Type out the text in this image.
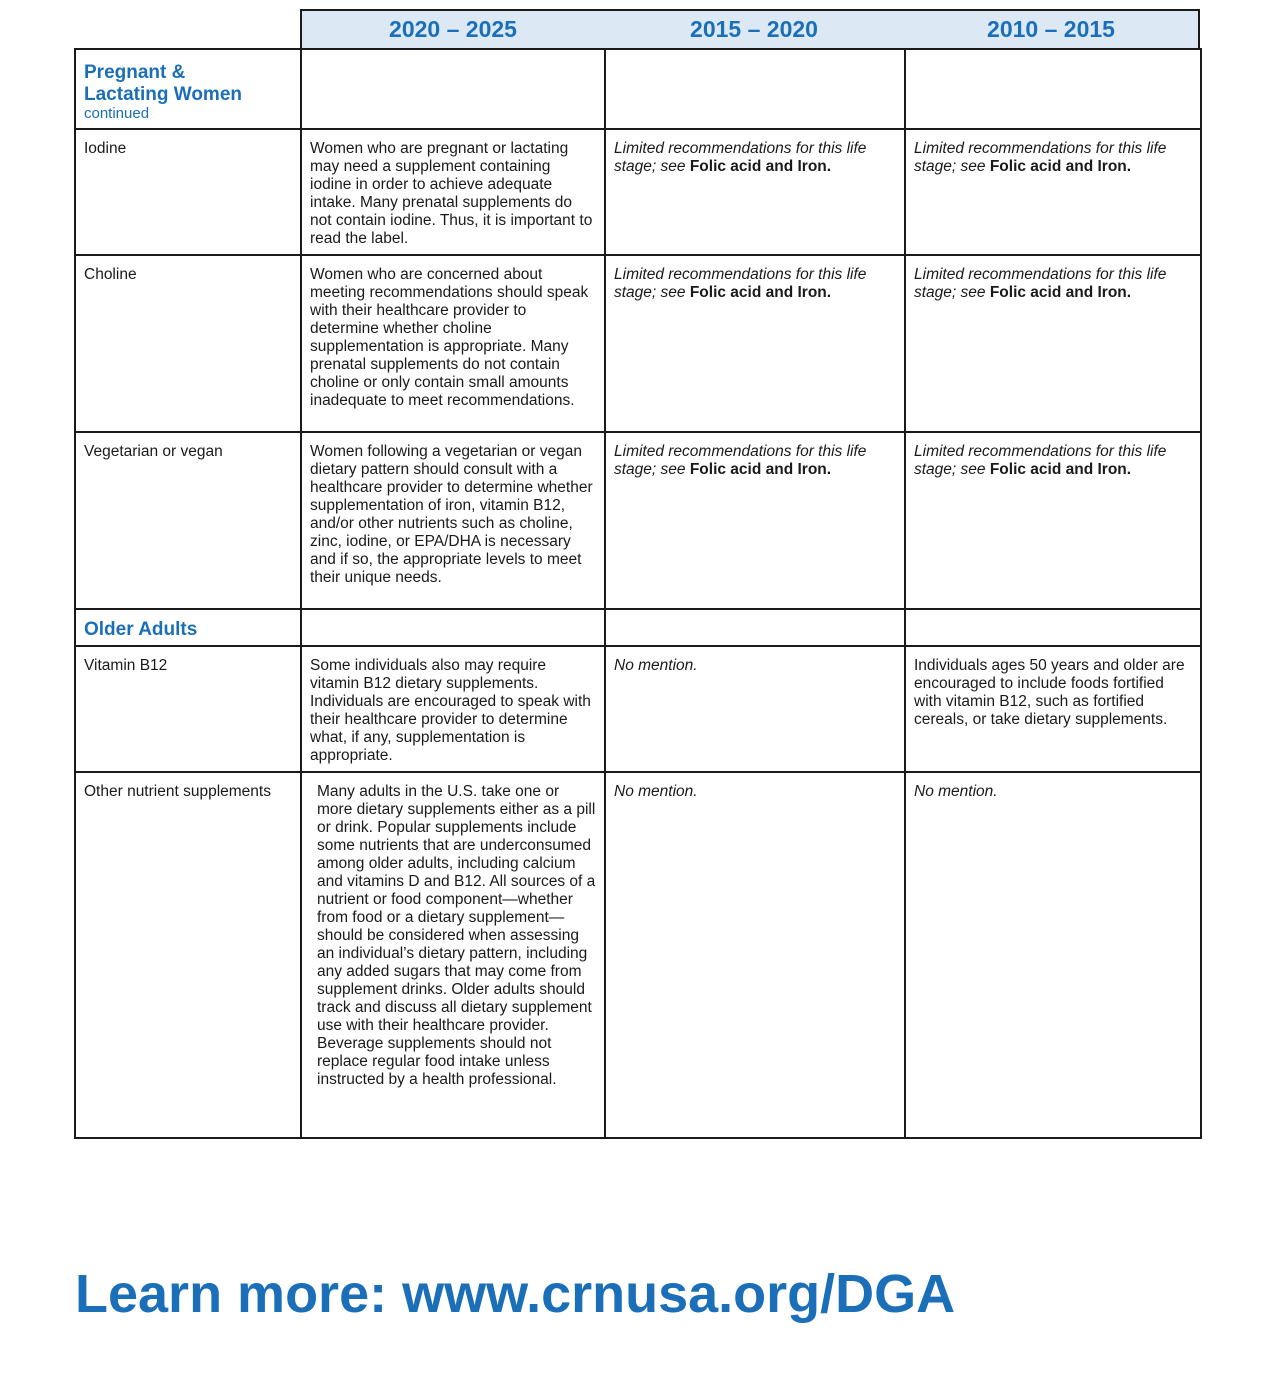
2020 – 2025	2015 – 2020	2010 – 2015
Pregnant &
Lactating Women
continued			

Iodine	Women who are pregnant or lactating may need a supplement containing iodine in order to achieve adequate intake. Many prenatal supplements do not contain iodine. Thus, it is important to read the label.	Limited recommendations for this life stage; see Folic acid and Iron.	Limited recommendations for this life stage; see Folic acid and Iron.
Choline	Women who are concerned about meeting recommendations should speak with their healthcare provider to determine whether choline supplementation is appropriate. Many prenatal supplements do not contain choline or only contain small amounts inadequate to meet recommendations.	Limited recommendations for this life stage; see Folic acid and Iron.	Limited recommendations for this life stage; see Folic acid and Iron.
Vegetarian or vegan	Women following a vegetarian or vegan dietary pattern should consult with a healthcare provider to determine whether supplementation of iron, vitamin B12, and/or other nutrients such as choline, zinc, iodine, or EPA/DHA is necessary and if so, the appropriate levels to meet their unique needs.	Limited recommendations for this life stage; see Folic acid and Iron.	Limited recommendations for this life stage; see Folic acid and Iron.

Older Adults			

Vitamin B12	Some individuals also may require vitamin B12 dietary supplements. Individuals are encouraged to speak with their healthcare provider to determine what, if any, supplementation is appropriate.	No mention.	Individuals ages 50 years and older are encouraged to include foods fortified with vitamin B12, such as fortified cereals, or take dietary supplements.
Other nutrient supplements	Many adults in the U.S. take one or more dietary supplements either as a pill or drink. Popular supplements include some nutrients that are underconsumed among older adults, including calcium and vitamins D and B12. All sources of a nutrient or food component—whether from food or a dietary supplement—should be considered when assessing an individual’s dietary pattern, including any added sugars that may come from supplement drinks. Older adults should track and discuss all dietary supplement use with their healthcare provider. Beverage supplements should not replace regular food intake unless instructed by a health professional.	No mention.	No mention.

Learn more: www.crnusa.org/DGA
